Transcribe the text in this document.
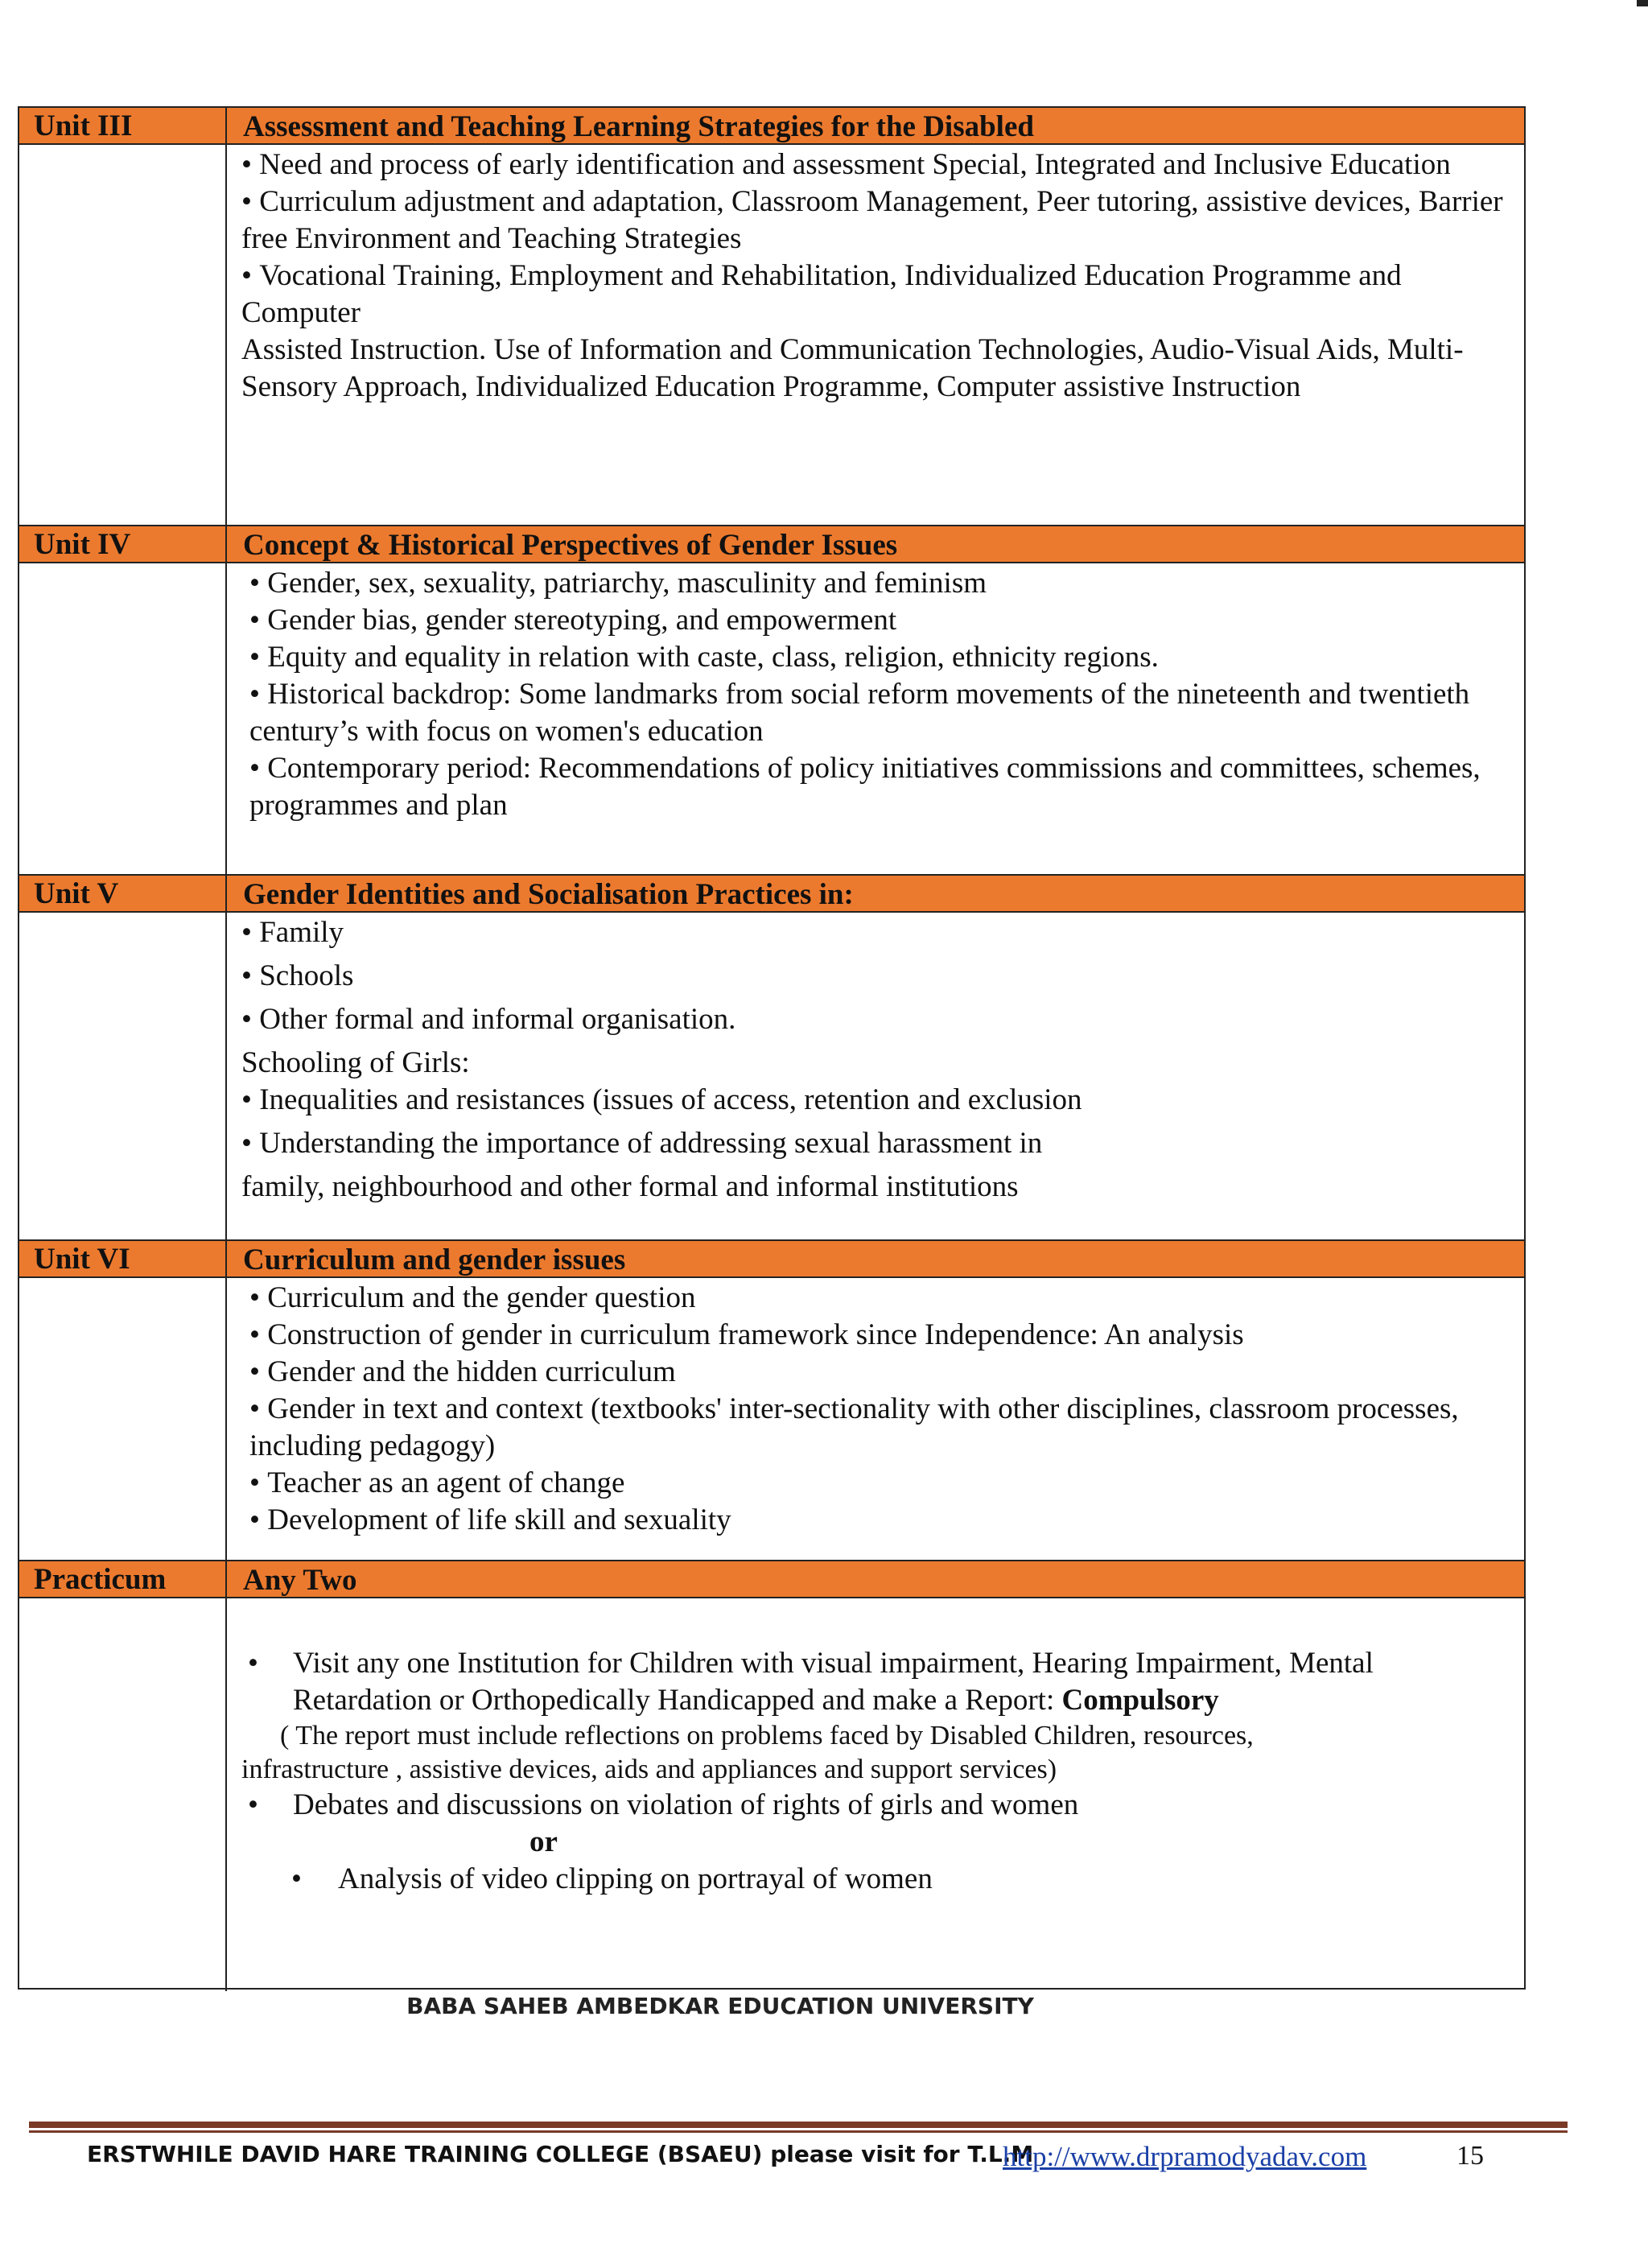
Unit III	Assessment and Teaching Learning Strategies for the Disabled
• Need and process of early identification and assessment Special, Integrated and Inclusive Education
• Curriculum adjustment and adaptation, Classroom Management, Peer tutoring, assistive devices, Barrier free Environment and Teaching Strategies
• Vocational Training, Employment and Rehabilitation, Individualized Education Programme and Computer

Assisted Instruction. Use of Information and Communication Technologies, Audio-Visual Aids, Multi-Sensory Approach, Individualized Education Programme, Computer assistive Instruction

Unit IV	Concept & Historical Perspectives of Gender Issues
• Gender, sex, sexuality, patriarchy, masculinity and feminism
• Gender bias, gender stereotyping, and empowerment
• Equity and equality in relation with caste, class, religion, ethnicity regions.
• Historical backdrop: Some landmarks from social reform movements of the nineteenth and twentieth century’s with focus on women's education
• Contemporary period: Recommendations of policy initiatives commissions and committees, schemes, programmes and plan
Unit V	Gender Identities and Socialisation Practices in:
• Family
• Schools
• Other formal and informal organisation.

Schooling of Girls:

• Inequalities and resistances (issues of access, retention and exclusion
• Understanding the importance of addressing sexual harassment in

family, neighbourhood and other formal and informal institutions

Unit VI	Curriculum and gender issues
• Curriculum and the gender question
• Construction of gender in curriculum framework since Independence: An analysis
• Gender and the hidden curriculum
• Gender in text and context (textbooks' inter-sectionality with other disciplines, classroom processes, including pedagogy)
• Teacher as an agent of change
• Development of life skill and sexuality
Practicum	Any Two
• Visit any one Institution for Children with visual impairment, Hearing Impairment, Mental Retardation or Orthopedically Handicapped and make a Report: Compulsory

( The report must include reflections on problems faced by Disabled Children, resources,

infrastructure , assistive devices, aids and appliances and support services)

• Debates and discussions on violation of rights of girls and women

or

• Analysis of video clipping on portrayal of women
BABA SAHEB AMBEDKAR EDUCATION UNIVERSITY
ERSTWHILE DAVID HARE TRAINING COLLEGE (BSAEU) please visit for T.L.M
http://www.drpramodyadav.com	15
